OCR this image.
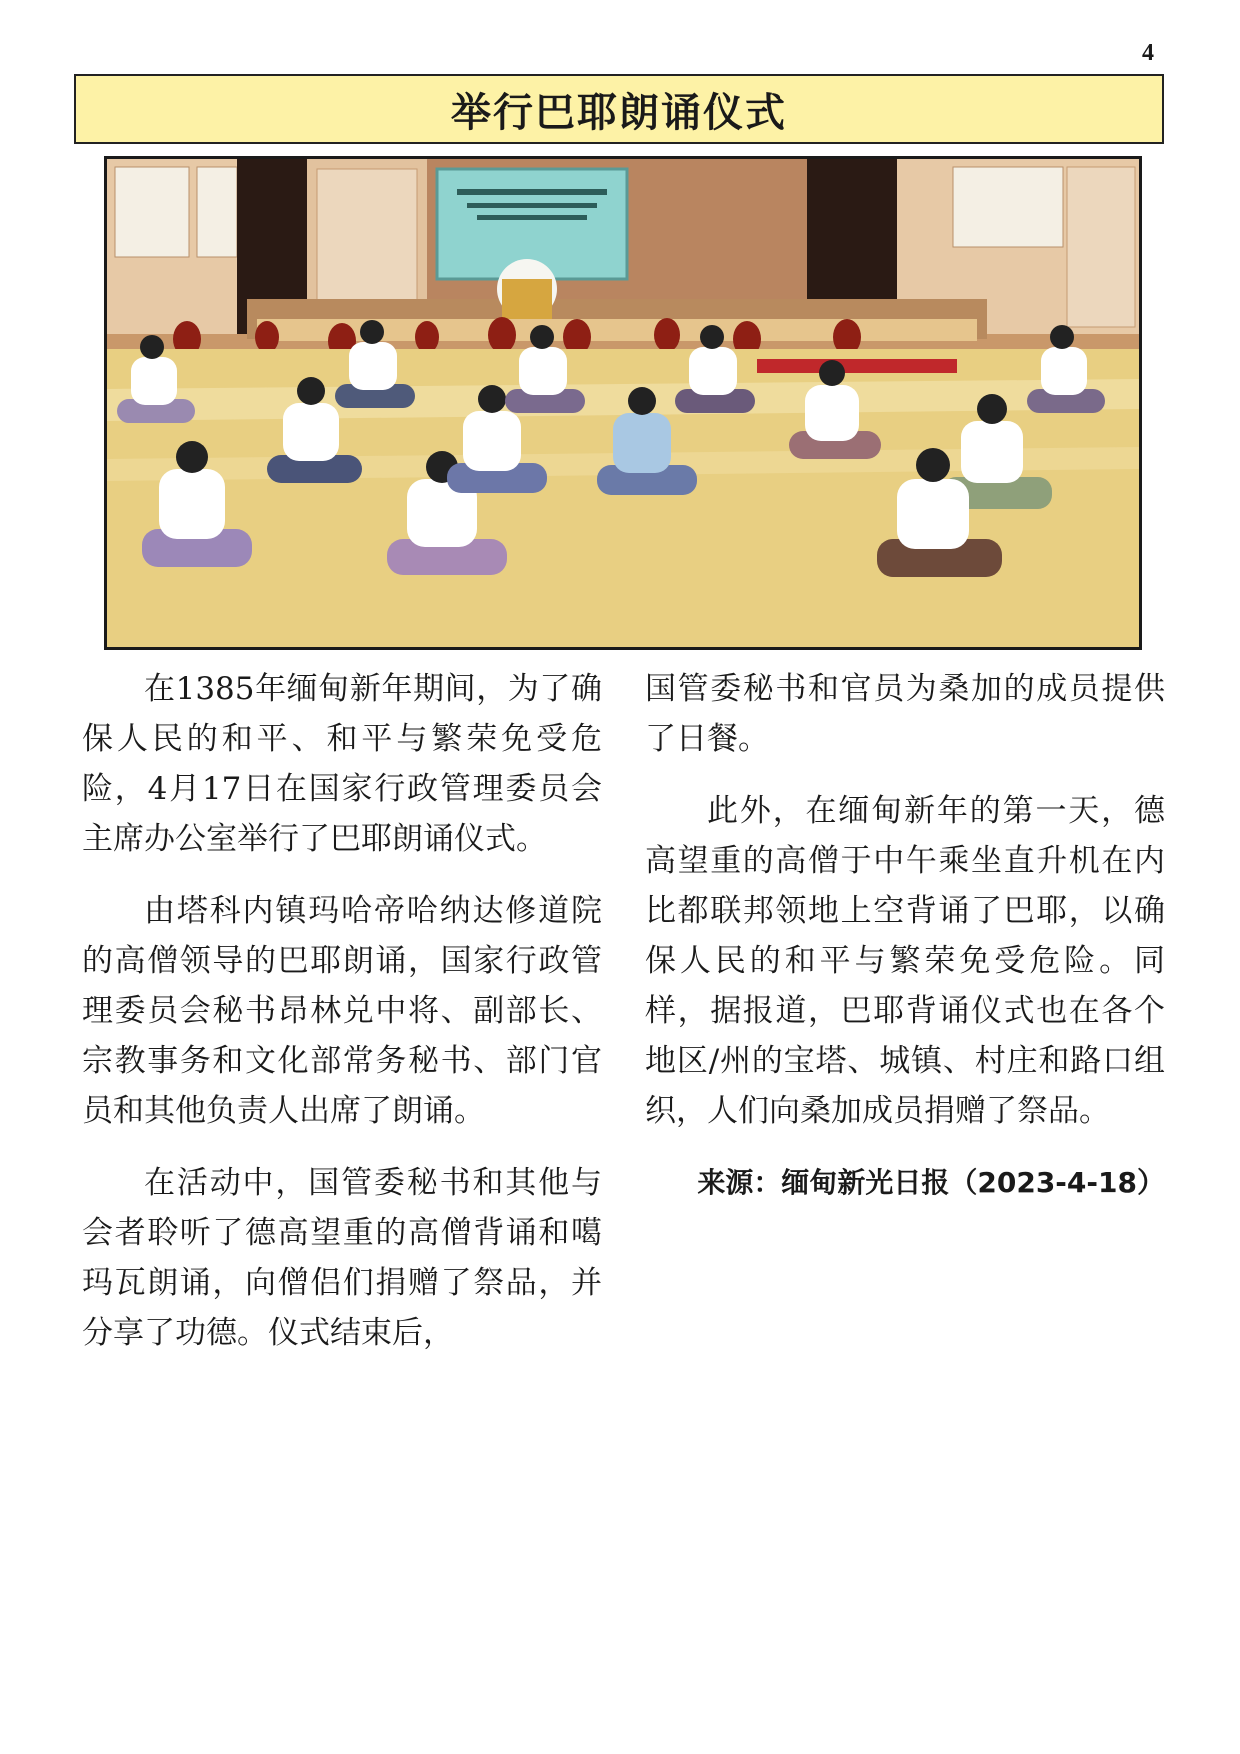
4
举行巴耶朗诵仪式

在1385年缅甸新年期间，为了确保人民的和平、和平与繁荣免受危险，4月17日在国家行政管理委员会主席办公室举行了巴耶朗诵仪式。

由塔科内镇玛哈帝哈纳达修道院的高僧领导的巴耶朗诵，国家行政管理委员会秘书昂林兑中将、副部长、宗教事务和文化部常务秘书、部门官员和其他负责人出席了朗诵。

在活动中，国管委秘书和其他与会者聆听了德高望重的高僧背诵和噶玛瓦朗诵，向僧侣们捐赠了祭品，并分享了功德。仪式结束后，

国管委秘书和官员为桑加的成员提供了日餐。

此外，在缅甸新年的第一天，德高望重的高僧于中午乘坐直升机在内比都联邦领地上空背诵了巴耶，以确保人民的和平与繁荣免受危险。同样，据报道，巴耶背诵仪式也在各个地区/州的宝塔、城镇、村庄和路口组织，人们向桑加成员捐赠了祭品。

来源：缅甸新光日报（2023-4-18）
